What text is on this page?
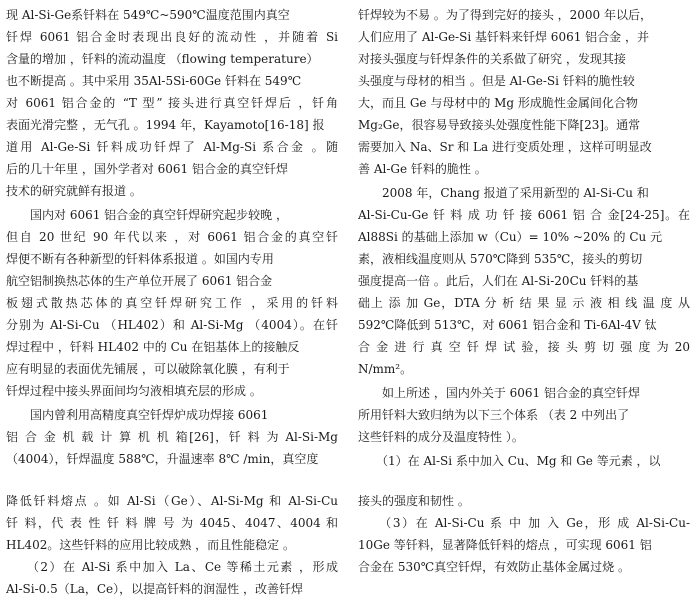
现 Al-Si-Ge系钎料在 549℃~590℃温度范围内真空
钎焊 6061 铝合金时表现出良好的流动性 ，并随着 Si
含量的增加 ，钎料的流动温度 （flowing temperature）
也不断提高 。其中采用 35Al-5Si-60Ge 钎料在 549℃
对 6061 铝合金的 “T 型” 接头进行真空钎焊后 ，钎角
表面光滑完整 ，无气孔 。1994 年，Kayamoto[16-18] 报
道用 Al-Ge-Si 钎料成功钎焊了 Al-Mg-Si 系合金 。随
后的几十年里 ，国外学者对 6061 铝合金的真空钎焊
技术的研究就鲜有报道 。
　　国内对 6061 铝合金的真空钎焊研究起步较晚 ，
但自 20 世纪 90 年代以来 ，对 6061 铝合金的真空钎
焊便不断有各种新型的钎料体系报道 。如国内专用
航空铝制换热芯体的生产单位开展了 6061 铝合金
板翅式散热芯体的真空钎焊研究工作 ，采用的钎料
分别为 Al-Si-Cu （HL402）和 Al-Si-Mg （4004）。在钎
焊过程中 ，钎料 HL402 中的 Cu 在铝基体上的接触反
应有明显的表面优先铺展 ，可以破除氧化膜 ，有利于
钎焊过程中接头界面间均匀液相填充层的形成 。
　　国内曾利用高精度真空钎焊炉成功焊接 6061
铝 合 金 机 载 计 算 机 机 箱[26]，钎 料 为 Al-Si-Mg
（4004），钎焊温度 588℃，升温速率 8℃ /min，真空度
降低钎料熔点 。如 Al-Si（Ge）、Al-Si-Mg 和 Al-Si-Cu
钎 料，代 表 性 钎 料 牌 号 为 4045、4047、4004 和
HL402。这些钎料的应用比较成熟 ，而且性能稳定 。
　　（2）在 Al-Si 系中加入 La、Ce 等稀土元素 ，形成
Al-Si-0.5（La，Ce），以提高钎料的润湿性 ，改善钎焊
钎焊较为不易 。为了得到完好的接头 ，2000 年以后，
人们应用了 Al-Ge-Si 基钎料来钎焊 6061 铝合金 ，并
对接头强度与钎焊条件的关系做了研究 ，发现其接
头强度与母材的相当 。但是 Al-Ge-Si 钎料的脆性较
大，而且 Ge 与母材中的 Mg 形成脆性金属间化合物
Mg₂Ge，很容易导致接头处强度性能下降[23]。通常
需要加入 Na、Sr 和 La 进行变质处理 ，这样可明显改
善 Al-Ge 钎料的脆性 。
　　2008 年，Chang 报道了采用新型的 Al-Si-Cu 和
Al-Si-Cu-Ge 钎 料 成 功 钎 接 6061 铝 合 金[24-25]。在
Al88Si 的基础上添加 w（Cu）= 10% ~20% 的 Cu 元
素，液相线温度则从 570℃降到 535℃，接头的剪切
强度提高一倍 。此后，人们在 Al-Si-20Cu 钎料的基
础上 添 加 Ge，DTA 分 析 结 果 显 示 液 相 线 温 度 从
592℃降低到 513℃，对 6061 铝合金和 Ti-6Al-4V 钛
合 金 进 行 真 空 钎 焊 试 验，接 头 剪 切 强 度 为 20
N/mm²。
　　如上所述 ，国内外关于 6061 铝合金的真空钎焊
所用钎料大致归纳为以下三个体系 （表 2 中列出了
这些钎料的成分及温度特性 ）。
　　（1）在 Al-Si 系中加入 Cu、Mg 和 Ge 等元素 ，以
接头的强度和韧性 。
　　（3）在 Al-Si-Cu 系 中 加 入 Ge，形 成 Al-Si-Cu-
10Ge 等钎料，显著降低钎料的熔点 ，可实现 6061 铝
合金在 530℃真空钎焊，有效防止基体金属过烧 。
